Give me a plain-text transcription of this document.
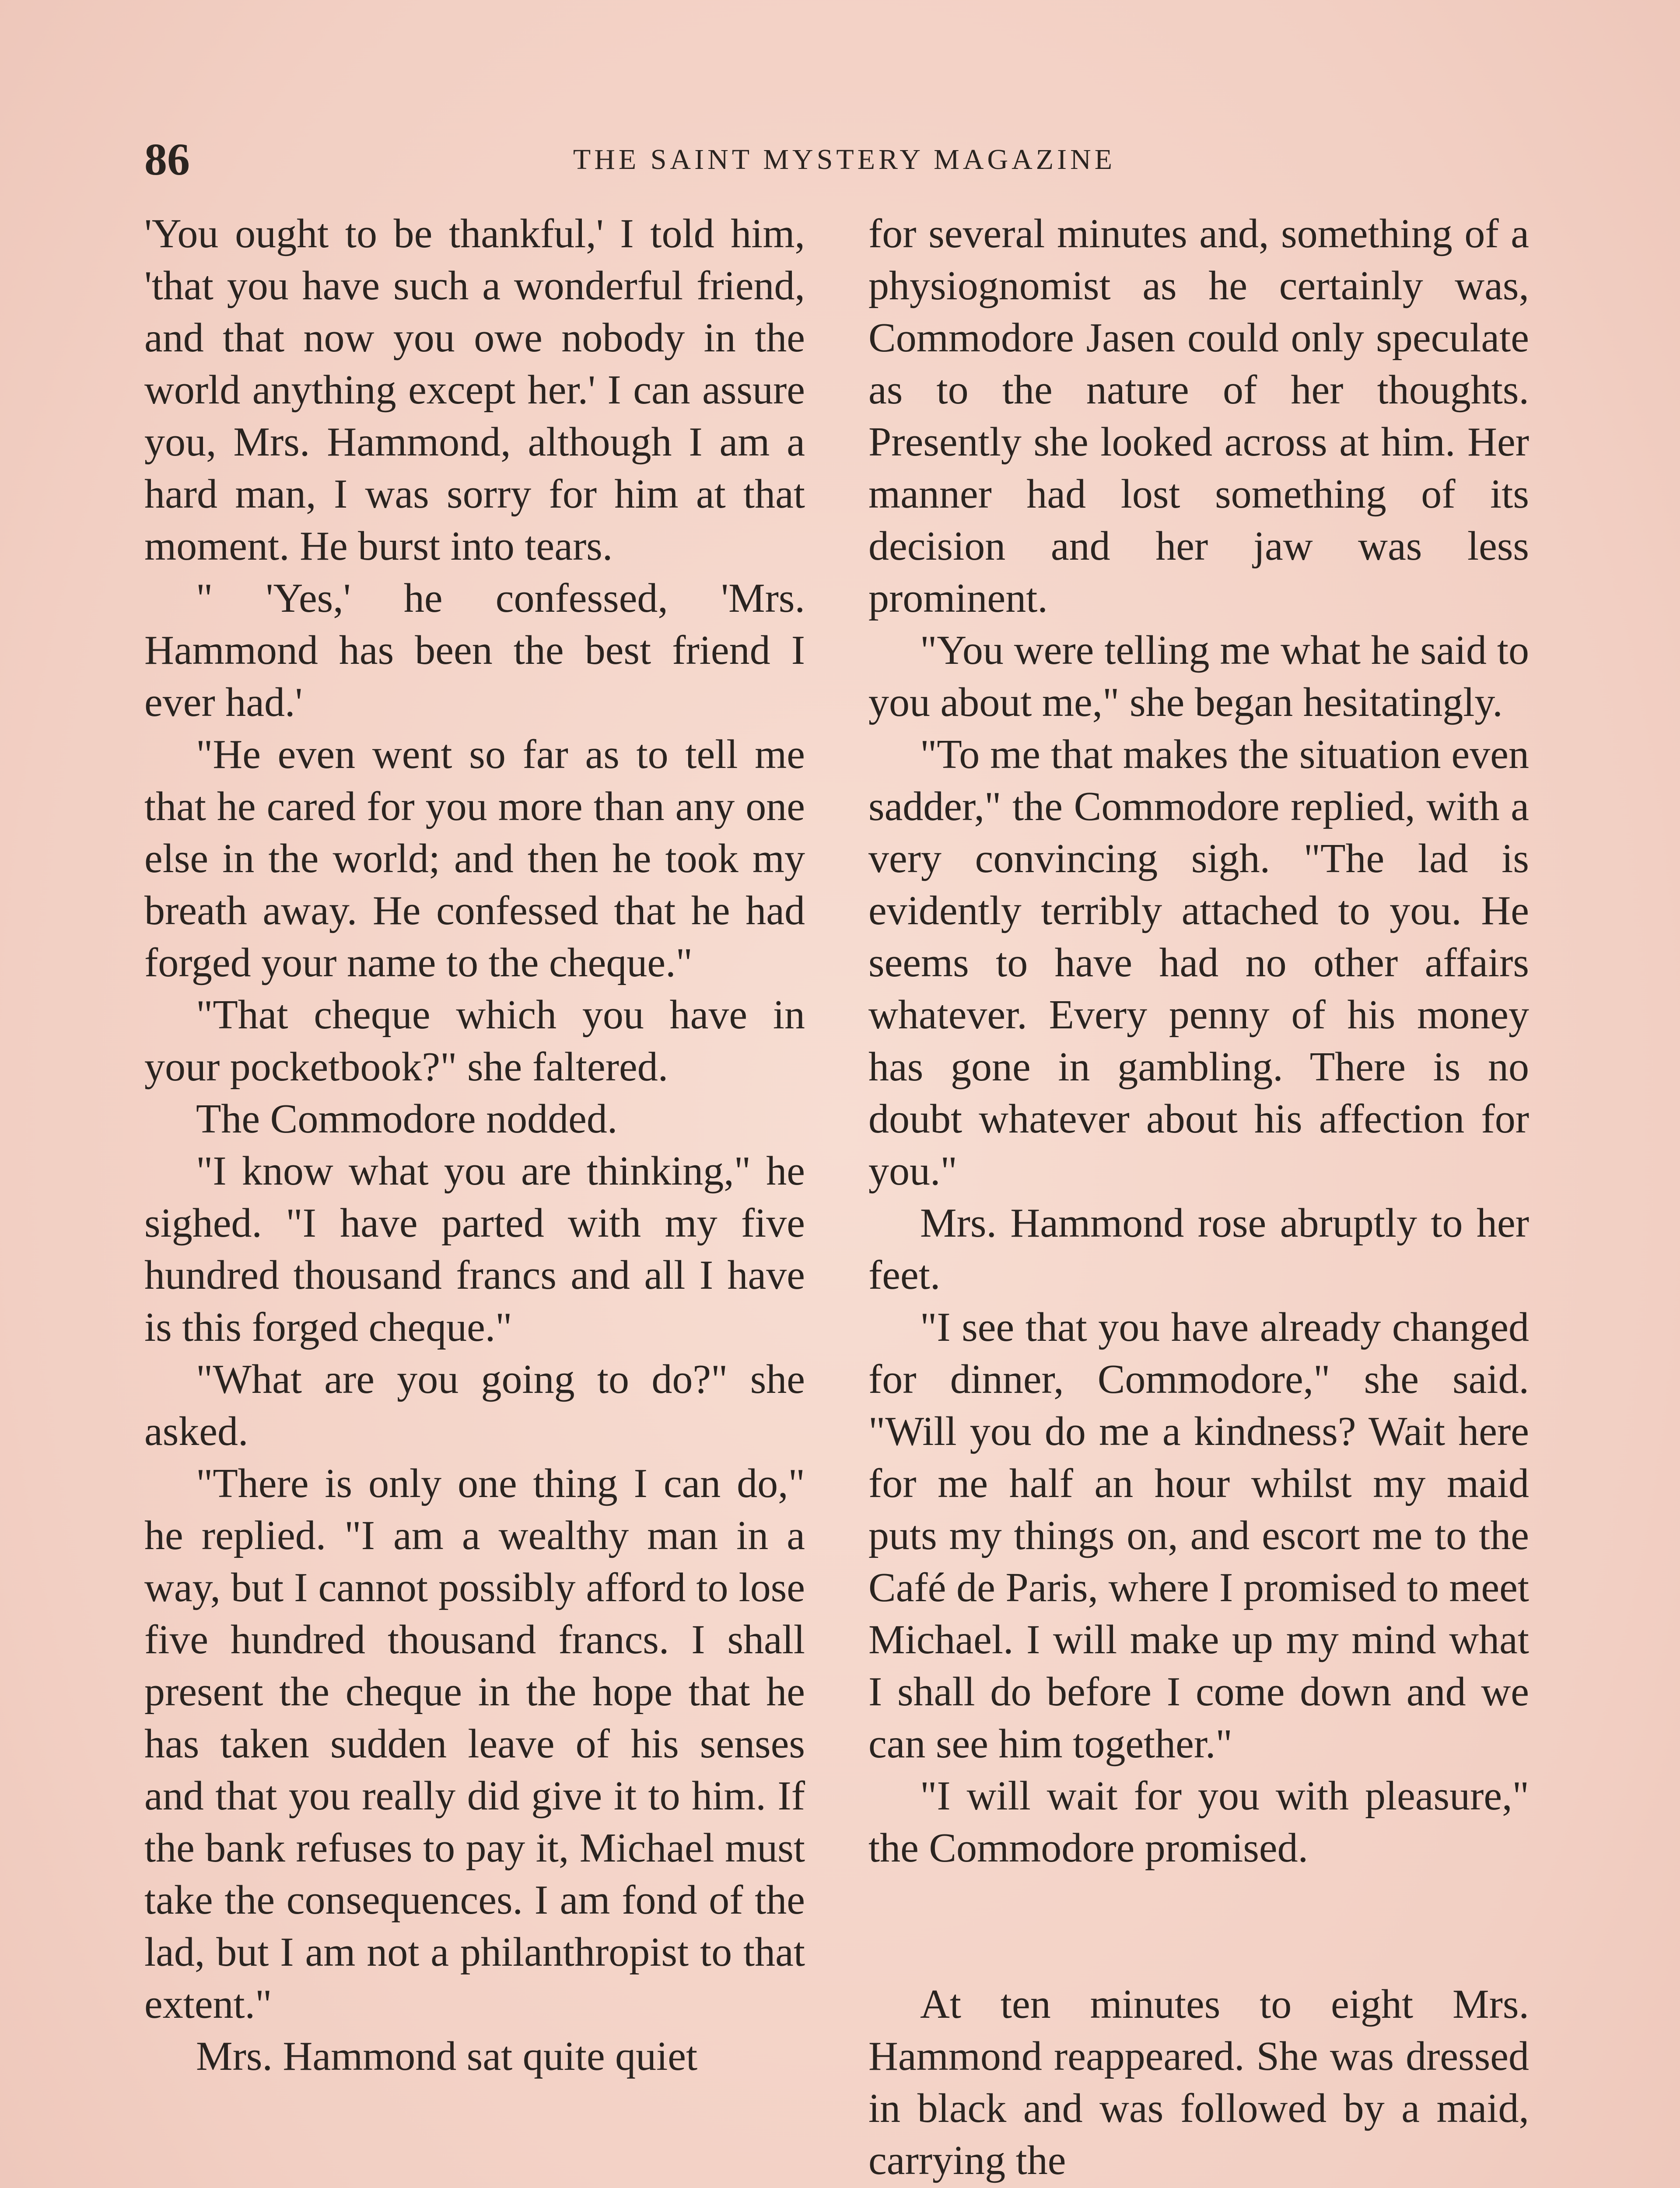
86	THE SAINT MYSTERY MAGAZINE

'You ought to be thankful,' I told him, 'that you have such a wonderful friend, and that now you owe nobody in the world anything except her.' I can assure you, Mrs. Hammond, although I am a hard man, I was sorry for him at that moment. He burst into tears.

" 'Yes,' he confessed, 'Mrs. Hammond has been the best friend I ever had.'

"He even went so far as to tell me that he cared for you more than any one else in the world; and then he took my breath away. He confessed that he had forged your name to the cheque."

"That cheque which you have in your pocketbook?" she faltered.

The Commodore nodded.

"I know what you are thinking," he sighed. "I have parted with my five hundred thousand francs and all I have is this forged cheque."

"What are you going to do?" she asked.

"There is only one thing I can do," he replied. "I am a wealthy man in a way, but I cannot possibly afford to lose five hundred thousand francs. I shall present the cheque in the hope that he has taken sudden leave of his senses and that you really did give it to him. If the bank refuses to pay it, Michael must take the consequences. I am fond of the lad, but I am not a philanthropist to that extent."

Mrs. Hammond sat quite quiet

for several minutes and, something of a physiognomist as he certainly was, Commodore Jasen could only speculate as to the nature of her thoughts. Presently she looked across at him. Her manner had lost something of its decision and her jaw was less prominent.

"You were telling me what he said to you about me," she began hesitatingly.

"To me that makes the situation even sadder," the Commodore replied, with a very convincing sigh. "The lad is evidently terribly attached to you. He seems to have had no other affairs whatever. Every penny of his money has gone in gambling. There is no doubt whatever about his affection for you."

Mrs. Hammond rose abruptly to her feet.

"I see that you have already changed for dinner, Commodore," she said. "Will you do me a kindness? Wait here for me half an hour whilst my maid puts my things on, and escort me to the Café de Paris, where I promised to meet Michael. I will make up my mind what I shall do before I come down and we can see him together."

"I will wait for you with pleasure," the Commodore promised.

At ten minutes to eight Mrs. Hammond reappeared. She was dressed in black and was followed by a maid, carrying the
